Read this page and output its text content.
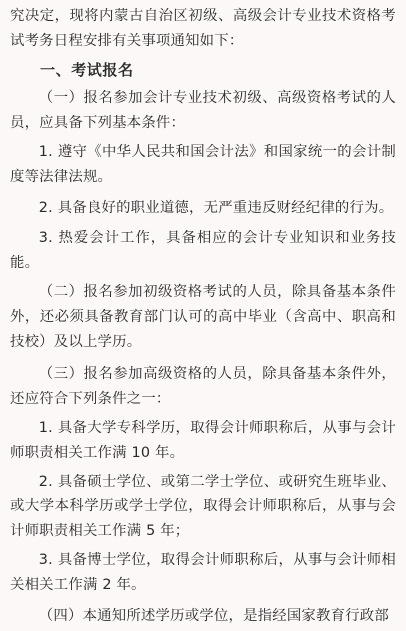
究决定，现将内蒙古自治区初级、高级会计专业技术资格考试考务日程安排有关事项通知如下：

一、考试报名

（一）报名参加会计专业技术初级、高级资格考试的人员，应具备下列基本条件：

1. 遵守《中华人民共和国会计法》和国家统一的会计制度等法律法规。

2. 具备良好的职业道德，无严重违反财经纪律的行为。

3. 热爱会计工作，具备相应的会计专业知识和业务技能。

（二）报名参加初级资格考试的人员，除具备基本条件外，还必须具备教育部门认可的高中毕业（含高中、职高和技校）及以上学历。

（三）报名参加高级资格的人员，除具备基本条件外，还应符合下列条件之一：

1. 具备大学专科学历，取得会计师职称后，从事与会计师职责相关工作满 10 年。

2. 具备硕士学位、或第二学士学位、或研究生班毕业、或大学本科学历或学士学位，取得会计师职称后，从事与会计师职责相关工作满 5 年；

3. 具备博士学位，取得会计师职称后，从事与会计师相关相关工作满 2 年。

（四）本通知所述学历或学位，是指经国家教育行政部
